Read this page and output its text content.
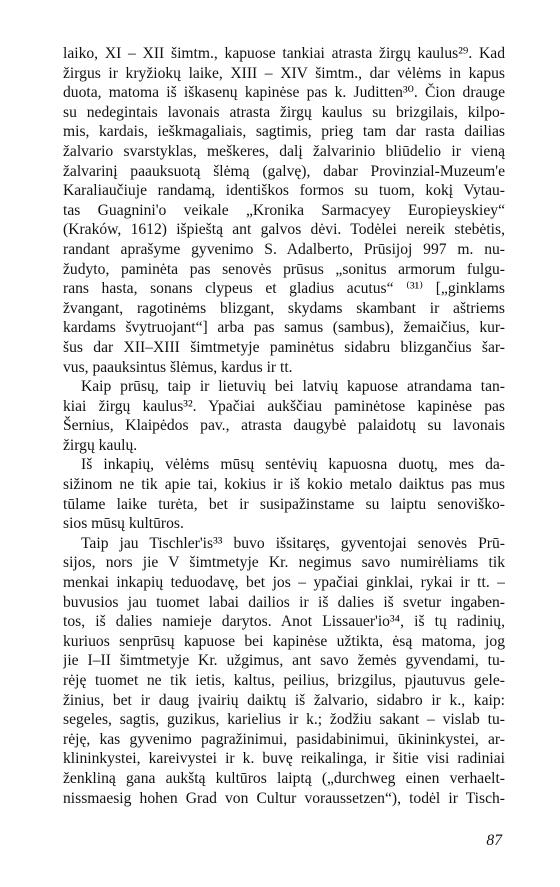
laiko, XI – XII šimtm., kapuose tankiai atrasta žirgų kaulus²⁹. Kad
žirgus ir kryžiokų laike, XIII – XIV šimtm., dar vėlėms in kapus
duota, matoma iš iškasenų kapinėse pas k. Juditten³⁰. Čion drauge
su nedegintais lavonais atrasta žirgų kaulus su brizgilais, kilpo-
mis, kardais, ieškmagaliais, sagtimis, prieg tam dar rasta dailias
žalvario svarstyklas, meškeres, dalį žalvarinio bliūdelio ir vieną
žalvarinį paauksuotą šlėmą (galvę), dabar Provinzial-Muzeum'e
Karaliaučiuje randamą, identiškos formos su tuom, kokį Vytau-
tas Guagnini'o veikale „Kronika Sarmacyey Europieyskiey“
(Kraków, 1612) išpieštą ant galvos dėvi. Todėlei nereik stebėtis,
randant aprašyme gyvenimo S. Adalberto, Prūsijoj 997 m. nu-
žudyto, paminėta pas senovės prūsus „sonitus armorum fulgu-
rans hasta, sonans clypeus et gladius acutus“ ⁽³¹⁾ [„ginklams
žvangant, ragotinėms blizgant, skydams skambant ir aštriems
kardams švytruojant“] arba pas samus (sambus), žemaičius, kur-
šus dar XII–XIII šimtmetyje paminėtus sidabru blizgančius šar-
vus, paauksintus šlėmus, kardus ir tt.
Kaip prūsų, taip ir lietuvių bei latvių kapuose atrandama tan-
kiai žirgų kaulus³². Ypačiai aukščiau paminėtose kapinėse pas
Šernius, Klaipėdos pav., atrasta daugybė palaidotų su lavonais
žirgų kaulų.
Iš inkapių, vėlėms mūsų sentėvių kapuosna duotų, mes da-
sižinom ne tik apie tai, kokius ir iš kokio metalo daiktus pas mus
tūlame laike turėta, bet ir susipažinstame su laiptu senoviško-
sios mūsų kultūros.
Taip jau Tischler'is³³ buvo išsitaręs, gyventojai senovės Prū-
sijos, nors jie V šimtmetyje Kr. negimus savo numirėliams tik
menkai inkapių teduodavę, bet jos – ypačiai ginklai, rykai ir tt. –
buvusios jau tuomet labai dailios ir iš dalies iš svetur ingaben-
tos, iš dalies namieje darytos. Anot Lissauer'io³⁴, iš tų radinių,
kuriuos senprūsų kapuose bei kapinėse užtikta, ėsą matoma, jog
jie I–II šimtmetyje Kr. užgimus, ant savo žemės gyvendami, tu-
rėję tuomet ne tik ietis, kaltus, peilius, brizgilus, pjautuvus gele-
žinius, bet ir daug įvairių daiktų iš žalvario, sidabro ir k., kaip:
segeles, sagtis, guzikus, karielius ir k.; žodžiu sakant – vislab tu-
rėję, kas gyvenimo pagražinimui, pasidabinimui, ūkininkystei, ar-
klininkystei, kareivystei ir k. buvę reikalinga, ir šitie visi radiniai
ženkliną gana aukštą kultūros laiptą („durchweg einen verhaelt-
nissmaesig hohen Grad von Cultur voraussetzen“), todėl ir Tisch-
87
